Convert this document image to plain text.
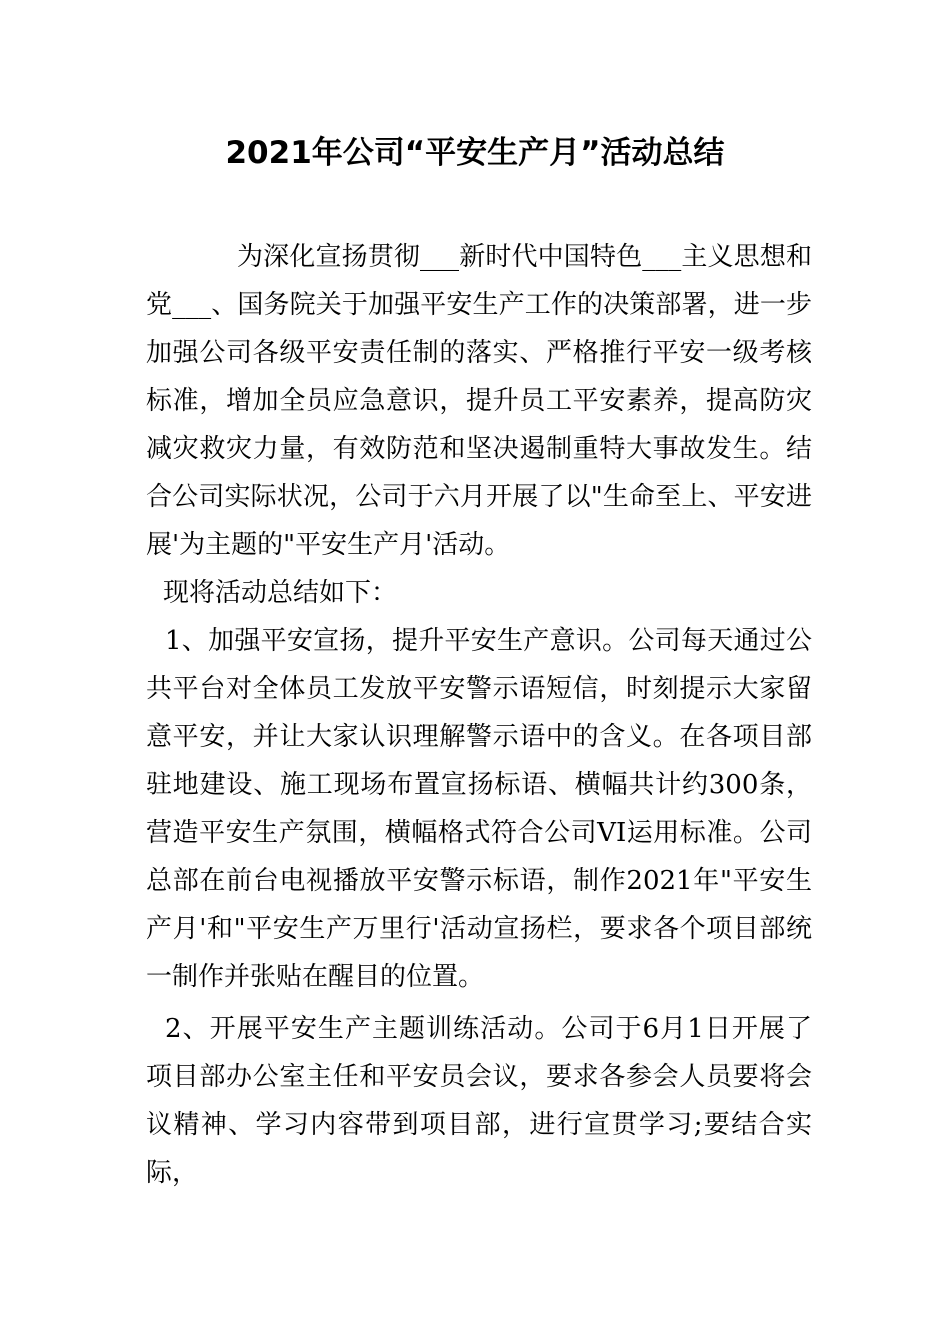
2021年公司“平安生产月”活动总结

为深化宣扬贯彻___新时代中国特色___主义思想和党___、国务院关于加强平安生产工作的决策部署，进一步加强公司各级平安责任制的落实、严格推行平安一级考核标准，增加全员应急意识，提升员工平安素养，提高防灾减灾救灾力量，有效防范和坚决遏制重特大事故发生。结合公司实际状况，公司于六月开展了以"生命至上、平安进展'为主题的"平安生产月'活动。

现将活动总结如下：

1、加强平安宣扬，提升平安生产意识。公司每天通过公共平台对全体员工发放平安警示语短信，时刻提示大家留意平安，并让大家认识理解警示语中的含义。在各项目部驻地建设、施工现场布置宣扬标语、横幅共计约300条，营造平安生产氛围，横幅格式符合公司VI运用标准。公司总部在前台电视播放平安警示标语，制作2021年"平安生产月'和"平安生产万里行'活动宣扬栏，要求各个项目部统一制作并张贴在醒目的位置。

2、开展平安生产主题训练活动。公司于6月1日开展了项目部办公室主任和平安员会议，要求各参会人员要将会议精神、学习内容带到项目部，进行宣贯学习;要结合实际，
